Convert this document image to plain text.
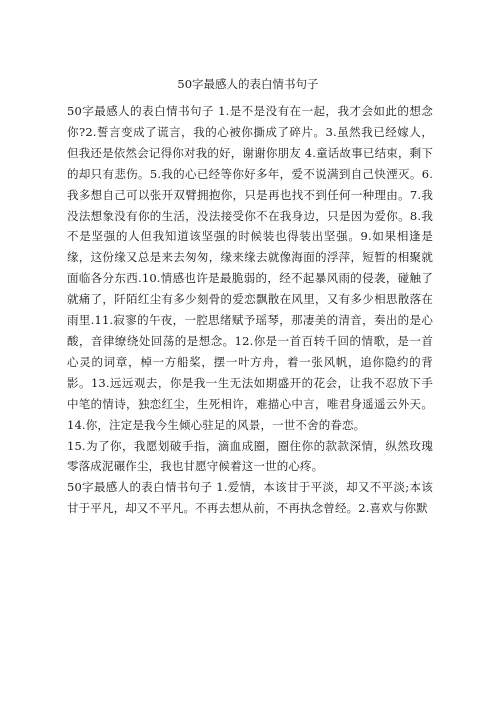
50字最感人的表白情书句子

50字最感人的表白情书句子 1.是不是没有在一起，我才会如此的想念你?2.誓言变成了谎言，我的心被你撕成了碎片。3.虽然我已经嫁人，但我还是依然会记得你对我的好，谢谢你朋友 4.童话故事已结束，剩下的却只有悲伤。5.我的心已经等你好多年，爱不说满到自己快湮灭。6.我多想自己可以张开双臂拥抱你，只是再也找不到任何一种理由。7.我没法想象没有你的生活，没法接受你不在我身边，只是因为爱你。8.我不是坚强的人但我知道该坚强的时候装也得装出坚强。9.如果相逢是缘，这份缘又总是来去匆匆，缘来缘去就像海面的浮萍，短暂的相聚就面临各分东西.10.情感也许是最脆弱的，经不起暴风雨的侵袭，碰触了就痛了，阡陌红尘有多少刻骨的爱恋飘散在风里，又有多少相思散落在雨里.11.寂寥的午夜，一腔思绪赋予瑶琴，那凄美的清音，奏出的是心酸，音律缭绕处回荡的是想念。12.你是一首百转千回的情歌，是一首心灵的词章，棹一方船桨，摆一叶方舟，着一张风帆，追你隐约的背影。13.远远观去，你是我一生无法如期盛开的花会，让我不忍放下手中笔的情诗，独恋红尘，生死相许，难描心中言，唯君身遥遥云外天。14.你，注定是我今生倾心驻足的风景，一世不舍的眷恋。

15.为了你，我愿划破手指，滴血成圈，圈住你的款款深情，纵然玫瑰零落成泥碾作尘，我也甘愿守候着这一世的心疼。

50字最感人的表白情书句子 1.爱情，本该甘于平淡，却又不平淡;本该甘于平凡，却又不平凡。不再去想从前，不再执念曾经。2.喜欢与你默
